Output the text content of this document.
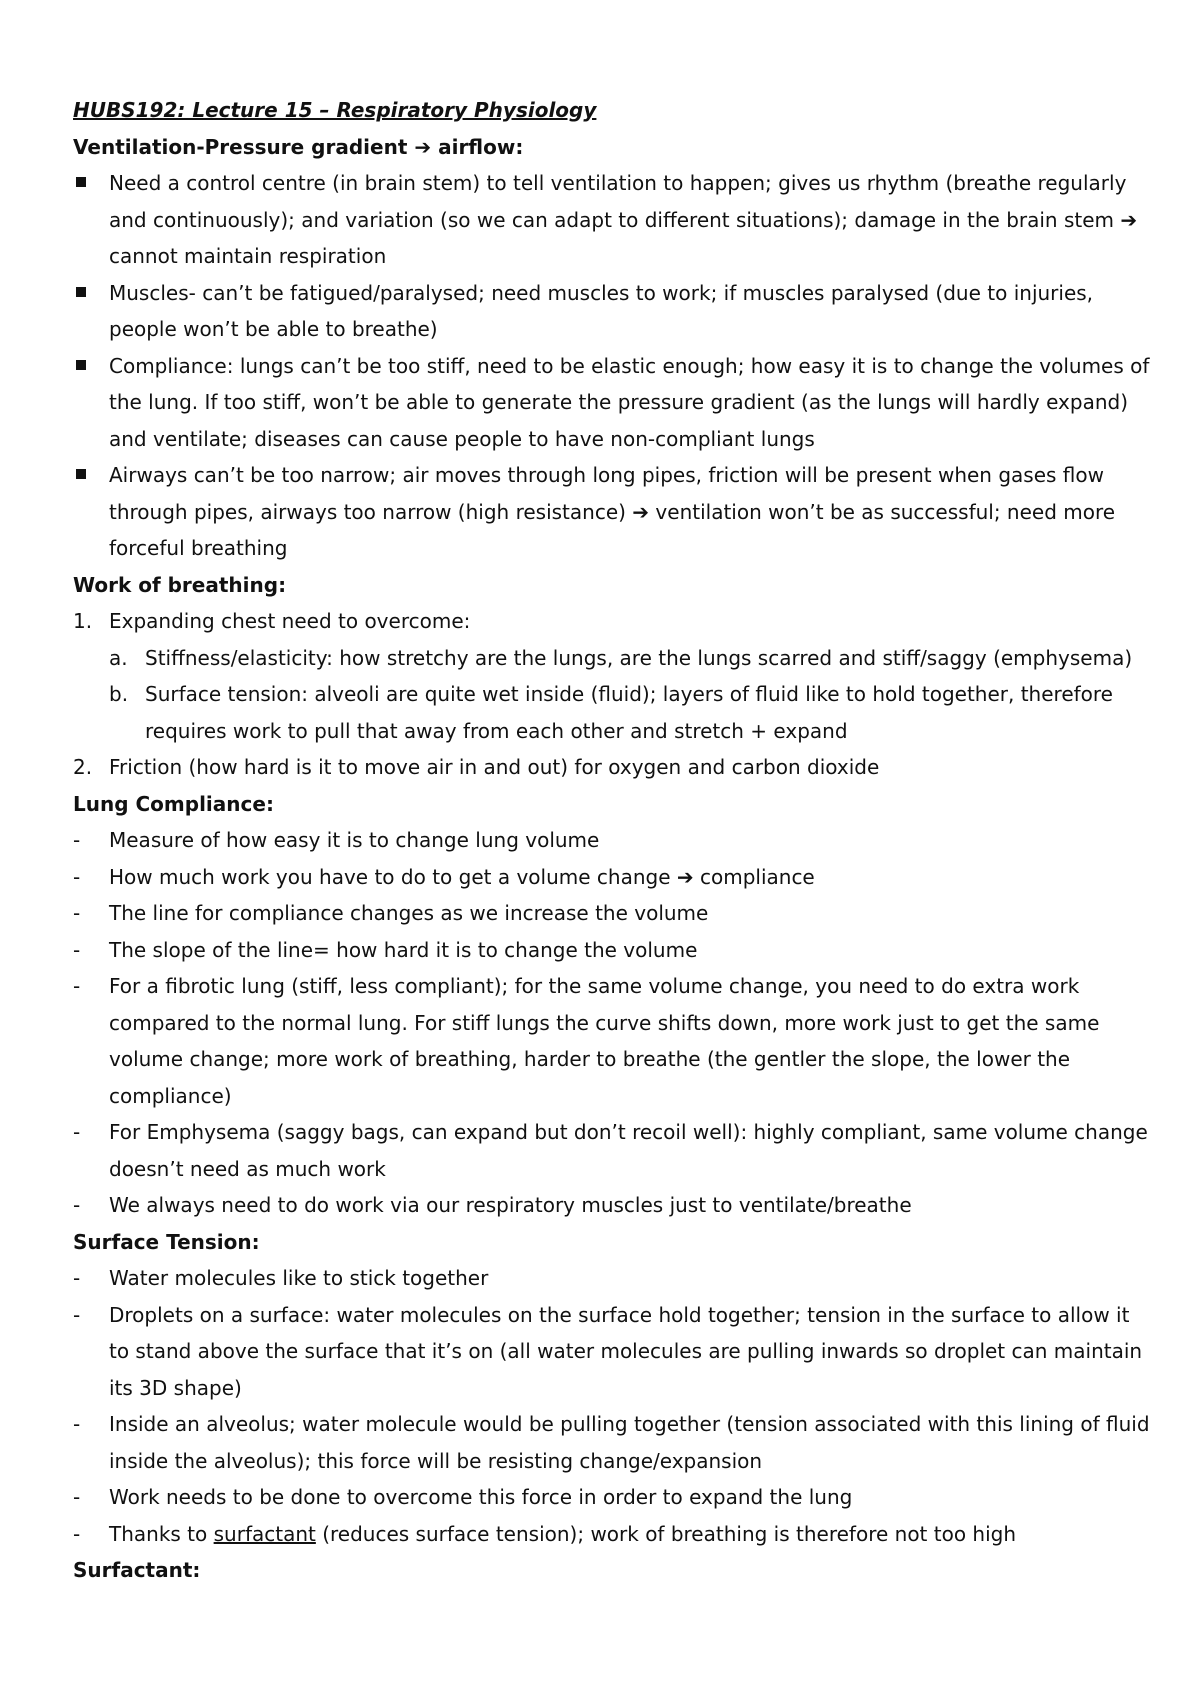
HUBS192: Lecture 15 – Respiratory Physiology
Ventilation-Pressure gradient ➔ airflow:
Need a control centre (in brain stem) to tell ventilation to happen; gives us rhythm (breathe regularly and continuously); and variation (so we can adapt to different situations); damage in the brain stem ➔ cannot maintain respiration
Muscles- can’t be fatigued/paralysed; need muscles to work; if muscles paralysed (due to injuries, people won’t be able to breathe)
Compliance: lungs can’t be too stiff, need to be elastic enough; how easy it is to change the volumes of the lung. If too stiff, won’t be able to generate the pressure gradient (as the lungs will hardly expand) and ventilate; diseases can cause people to have non-compliant lungs
Airways can’t be too narrow; air moves through long pipes, friction will be present when gases flow through pipes, airways too narrow (high resistance) ➔ ventilation won’t be as successful; need more forceful breathing
Work of breathing:
1. Expanding chest need to overcome:
a. Stiffness/elasticity: how stretchy are the lungs, are the lungs scarred and stiff/saggy (emphysema)
b. Surface tension: alveoli are quite wet inside (fluid); layers of fluid like to hold together, therefore requires work to pull that away from each other and stretch + expand
2. Friction (how hard is it to move air in and out) for oxygen and carbon dioxide
Lung Compliance:
-	Measure of how easy it is to change lung volume
-	How much work you have to do to get a volume change ➔ compliance
-	The line for compliance changes as we increase the volume
-	The slope of the line= how hard it is to change the volume
-	For a fibrotic lung (stiff, less compliant); for the same volume change, you need to do extra work compared to the normal lung. For stiff lungs the curve shifts down, more work just to get the same volume change; more work of breathing, harder to breathe (the gentler the slope, the lower the compliance)
-	For Emphysema (saggy bags, can expand but don’t recoil well): highly compliant, same volume change doesn’t need as much work
-	We always need to do work via our respiratory muscles just to ventilate/breathe
Surface Tension:
-	Water molecules like to stick together
-	Droplets on a surface: water molecules on the surface hold together; tension in the surface to allow it to stand above the surface that it’s on (all water molecules are pulling inwards so droplet can maintain its 3D shape)
-	Inside an alveolus; water molecule would be pulling together (tension associated with this lining of fluid inside the alveolus); this force will be resisting change/expansion
-	Work needs to be done to overcome this force in order to expand the lung
-	Thanks to surfactant (reduces surface tension); work of breathing is therefore not too high
Surfactant:
